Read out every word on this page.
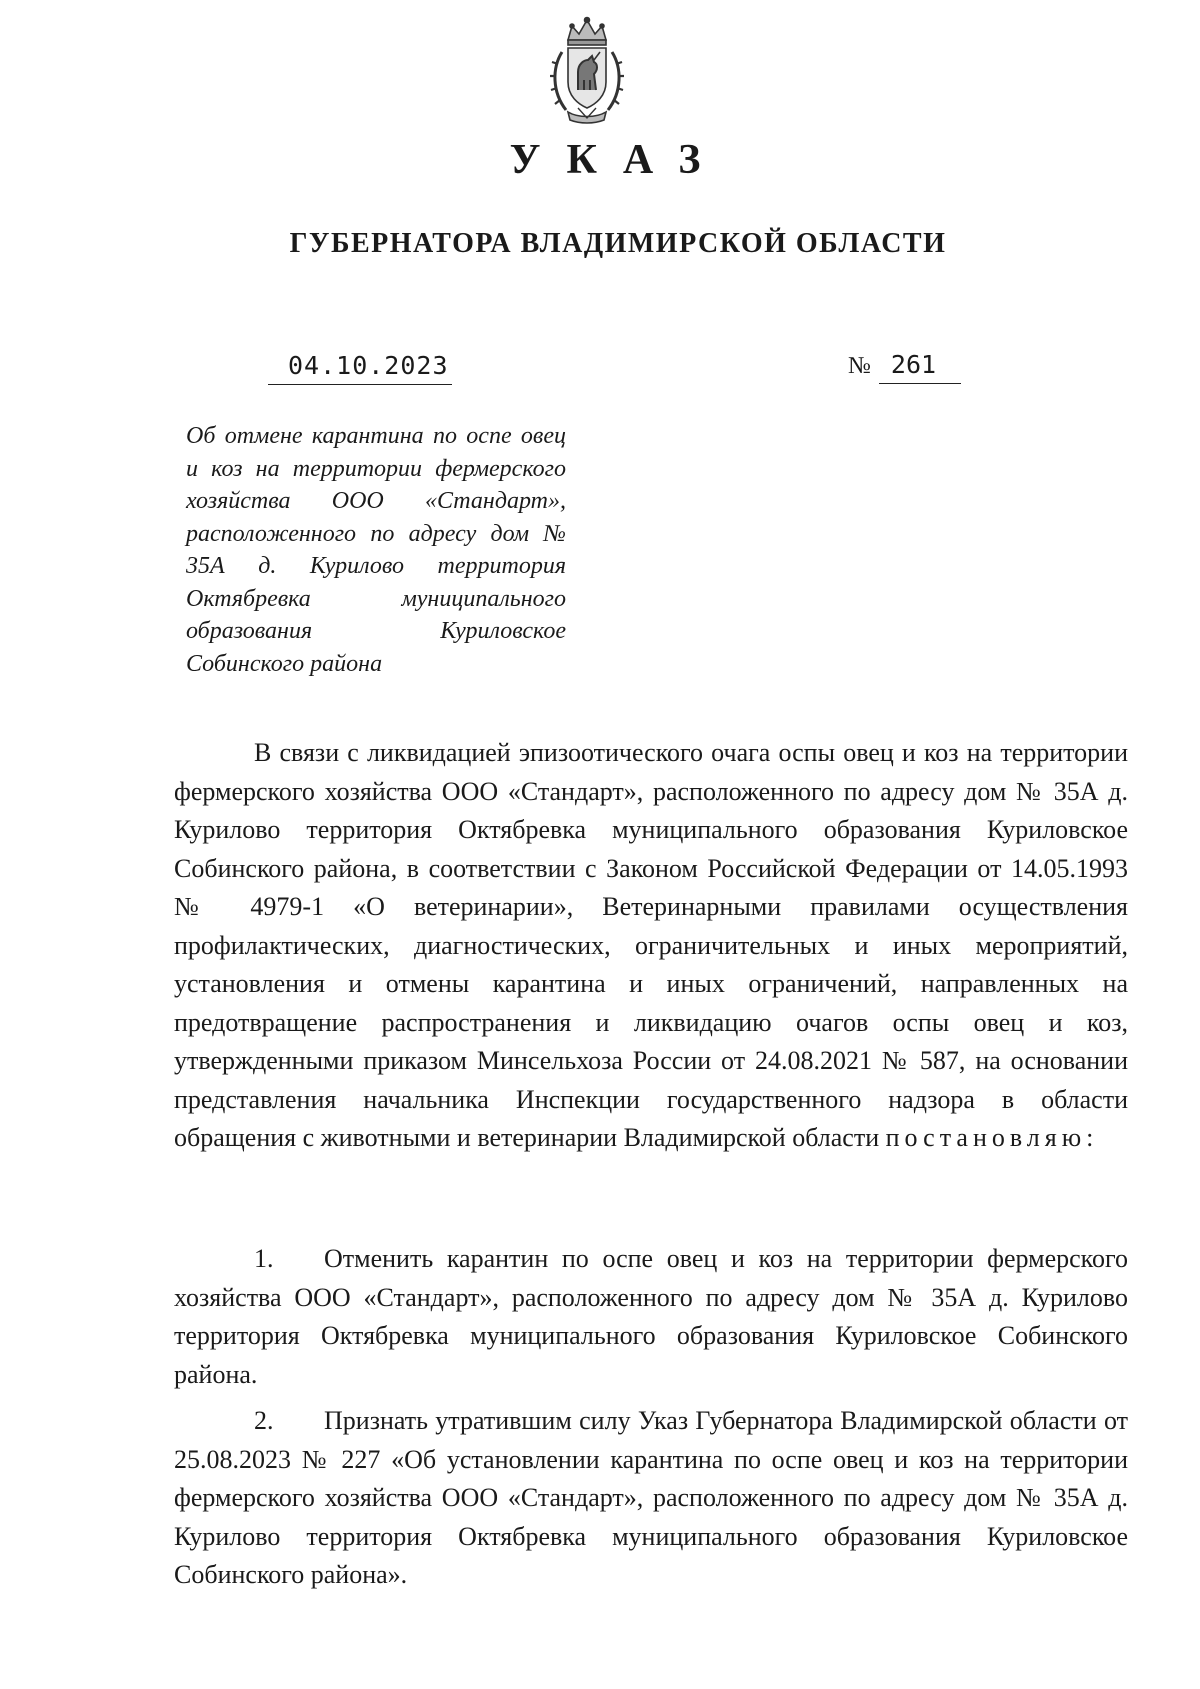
УКАЗ
ГУБЕРНАТОРА ВЛАДИМИРСКОЙ ОБЛАСТИ
04.10.2023	№ 261
Об отмене карантина по оспе овец и коз на территории фермерского хозяйства ООО «Стандарт», расположенного по адресу дом № 35А д. Курилово территория Октябревка муниципального образования Куриловское Собинского района

В связи с ликвидацией эпизоотического очага оспы овец и коз на территории фермерского хозяйства ООО «Стандарт», расположенного по адресу дом № 35А д. Курилово территория Октябревка муниципального образования Куриловское Собинского района, в соответствии с Законом Российской Федерации от 14.05.1993 № 4979-1 «О ветеринарии», Ветеринарными правилами осуществления профилактических, диагностических, ограничительных и иных мероприятий, установления и отмены карантина и иных ограничений, направленных на предотвращение распространения и ликвидацию очагов оспы овец и коз, утвержденными приказом Минсельхоза России от 24.08.2021 № 587, на основании представления начальника Инспекции государственного надзора в области обращения с животными и ветеринарии Владимирской области постановляю:

1. Отменить карантин по оспе овец и коз на территории фермерского хозяйства ООО «Стандарт», расположенного по адресу дом № 35А д. Курилово территория Октябревка муниципального образования Куриловское Собинского района.

2. Признать утратившим силу Указ Губернатора Владимирской области от 25.08.2023 № 227 «Об установлении карантина по оспе овец и коз на территории фермерского хозяйства ООО «Стандарт», расположенного по адресу дом № 35А д. Курилово территория Октябревка муниципального образования Куриловское Собинского района».
